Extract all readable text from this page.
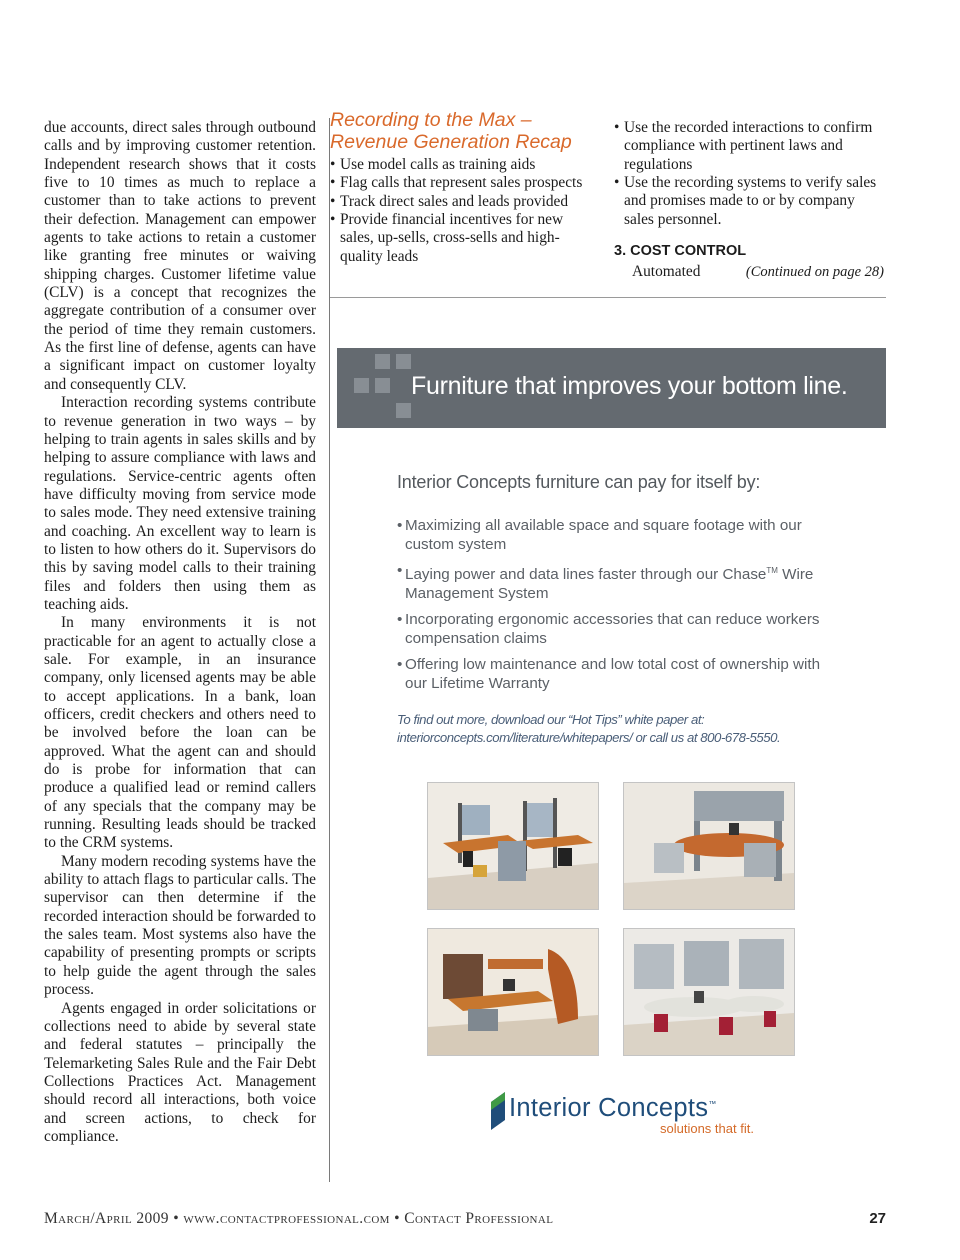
due accounts, direct sales through outbound calls and by improving customer retention. Independent research shows that it costs five to 10 times as much to replace a customer than to take actions to prevent their defection. Management can empower agents to take actions to retain a customer like granting free minutes or waiving shipping charges. Customer lifetime value (CLV) is a concept that recognizes the aggregate contribution of a consumer over the period of time they remain customers. As the first line of defense, agents can have a significant impact on customer loyalty and consequently CLV.

Interaction recording systems contribute to revenue generation in two ways – by helping to train agents in sales skills and by helping to assure compliance with laws and regulations. Service-centric agents often have difficulty moving from service mode to sales mode. They need extensive training and coaching. An excellent way to learn is to listen to how others do it. Supervisors do this by saving model calls to their training files and folders then using them as teaching aids.

In many environments it is not practicable for an agent to actually close a sale. For example, in an insurance company, only licensed agents may be able to accept applications. In a bank, loan officers, credit checkers and others need to be involved before the loan can be approved. What the agent can and should do is probe for information that can produce a qualified lead or remind callers of any specials that the company may be running. Resulting leads should be tracked to the CRM systems.

Many modern recoding systems have the ability to attach flags to particular calls. The supervisor can then determine if the recorded interaction should be forwarded to the sales team. Most systems also have the capability of presenting prompts or scripts to help guide the agent through the sales process.

Agents engaged in order solicitations or collections need to abide by several state and federal statutes – principally the Telemarketing Sales Rule and the Fair Debt Collections Practices Act. Management should record all interactions, both voice and screen actions, to check for compliance.

Recording to the Max –
Revenue Generation Recap
• Use model calls as training aids
• Flag calls that represent sales prospects
• Track direct sales and leads provided
• Provide financial incentives for new sales, up-sells, cross-sells and high-quality leads
• Use the recorded interactions to confirm compliance with pertinent laws and regulations
• Use the recording systems to verify sales and promises made to or by company sales personnel.
3. COST CONTROL
Automated	(Continued on page 28)
Furniture that improves your bottom line.
Interior Concepts furniture can pay for itself by:
• Maximizing all available space and square footage with our custom system
• Laying power and data lines faster through our Chase™ Wire Management System
• Incorporating ergonomic accessories that can reduce workers compensation claims
• Offering low maintenance and low total cost of ownership with our Lifetime Warranty
To find out more, download our “Hot Tips” white paper at:
interiorconcepts.com/literature/whitepapers/ or call us at 800-678-5550.
Interior Concepts™
solutions that fit.
March/April 2009 • www.contactprofessional.com • Contact Professional	27
